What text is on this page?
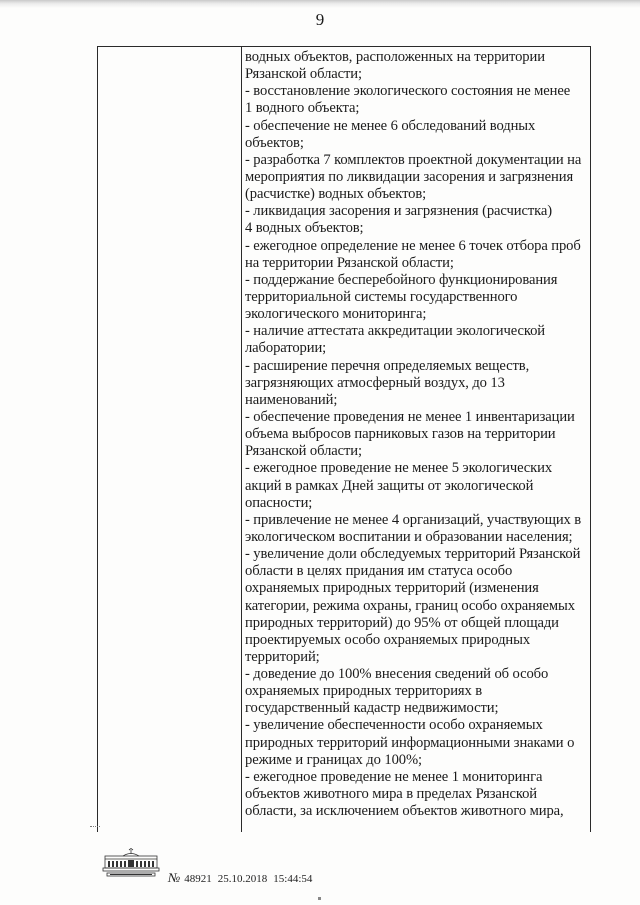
9
водных объектов, расположенных на территории
Рязанской области;
- восстановление экологического состояния не менее
1 водного объекта;
- обеспечение не менее 6 обследований водных
объектов;
- разработка 7 комплектов проектной документации на
мероприятия по ликвидации засорения и загрязнения
(расчистке) водных объектов;
- ликвидация засорения и загрязнения (расчистка)
4 водных объектов;
- ежегодное определение не менее 6 точек отбора проб
на территории Рязанской области;
- поддержание бесперебойного функционирования
территориальной системы государственного
экологического мониторинга;
- наличие аттестата аккредитации экологической
лаборатории;
- расширение перечня определяемых веществ,
загрязняющих атмосферный воздух, до 13
наименований;
- обеспечение проведения не менее 1 инвентаризации
объема выбросов парниковых газов на территории
Рязанской области;
- ежегодное проведение не менее 5 экологических
акций в рамках Дней защиты от экологической
опасности;
- привлечение не менее 4 организаций, участвующих в
экологическом воспитании и образовании населения;
- увеличение доли обследуемых территорий Рязанской
области в целях придания им статуса особо
охраняемых природных территорий (изменения
категории, режима охраны, границ особо охраняемых
природных территорий) до 95% от общей площади
проектируемых особо охраняемых природных
территорий;
- доведение до 100% внесения сведений об особо
охраняемых природных территориях в
государственный кадастр недвижимости;
- увеличение обеспеченности особо охраняемых
природных территорий информационными знаками о
режиме и границах до 100%;
- ежегодное проведение не менее 1 мониторинга
объектов животного мира в пределах Рязанской
области, за исключением объектов животного мира,
№ 48921 25.10.2018 15:44:54
